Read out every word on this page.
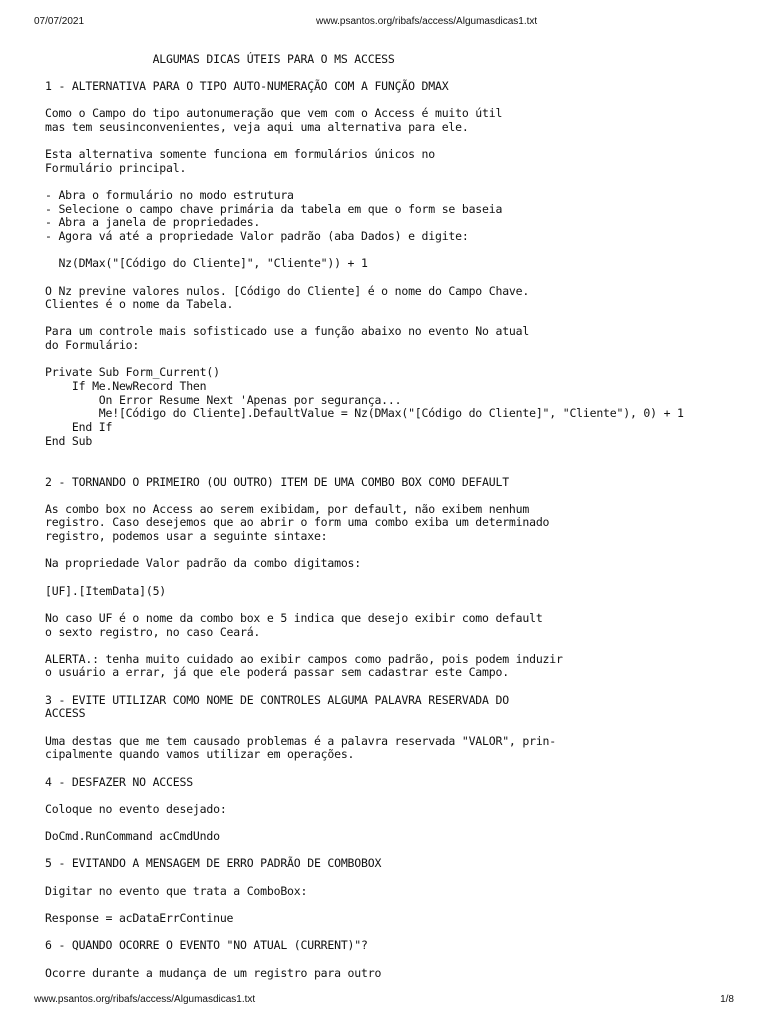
07/07/2021	www.psantos.org/ribafs/access/Algumasdicas1.txt

ALGUMAS DICAS ÚTEIS PARA O MS ACCESS

1 - ALTERNATIVA PARA O TIPO AUTO-NUMERAÇÃO COM A FUNÇÃO DMAX

Como o Campo do tipo autonumeração que vem com o Access é muito útil
mas tem seusinconvenientes, veja aqui uma alternativa para ele.

Esta alternativa somente funciona em formulários únicos no
Formulário principal.

- Abra o formulário no modo estrutura
- Selecione o campo chave primária da tabela em que o form se baseia
- Abra a janela de propriedades.
- Agora vá até a propriedade Valor padrão (aba Dados) e digite:

Nz(DMax("[Código do Cliente]", "Cliente")) + 1

O Nz previne valores nulos. [Código do Cliente] é o nome do Campo Chave.
Clientes é o nome da Tabela.

Para um controle mais sofisticado use a função abaixo no evento No atual
do Formulário:

Private Sub Form_Current()
If Me.NewRecord Then
On Error Resume Next 'Apenas por segurança...
Me![Código do Cliente].DefaultValue = Nz(DMax("[Código do Cliente]", "Cliente"), 0) + 1
End If
End Sub

2 - TORNANDO O PRIMEIRO (OU OUTRO) ITEM DE UMA COMBO BOX COMO DEFAULT

As combo box no Access ao serem exibidam, por default, não exibem nenhum
registro. Caso desejemos que ao abrir o form uma combo exiba um determinado
registro, podemos usar a seguinte sintaxe:

Na propriedade Valor padrão da combo digitamos:

[UF].[ItemData](5)

No caso UF é o nome da combo box e 5 indica que desejo exibir como default
o sexto registro, no caso Ceará.

ALERTA.: tenha muito cuidado ao exibir campos como padrão, pois podem induzir
o usuário a errar, já que ele poderá passar sem cadastrar este Campo.

3 - EVITE UTILIZAR COMO NOME DE CONTROLES ALGUMA PALAVRA RESERVADA DO
ACCESS

Uma destas que me tem causado problemas é a palavra reservada "VALOR", prin-
cipalmente quando vamos utilizar em operações.

4 - DESFAZER NO ACCESS

Coloque no evento desejado:

DoCmd.RunCommand acCmdUndo

5 - EVITANDO A MENSAGEM DE ERRO PADRÃO DE COMBOBOX

Digitar no evento que trata a ComboBox:

Response = acDataErrContinue

6 - QUANDO OCORRE O EVENTO "NO ATUAL (CURRENT)"?

Ocorre durante a mudança de um registro para outro
www.psantos.org/ribafs/access/Algumasdicas1.txt	1/8
